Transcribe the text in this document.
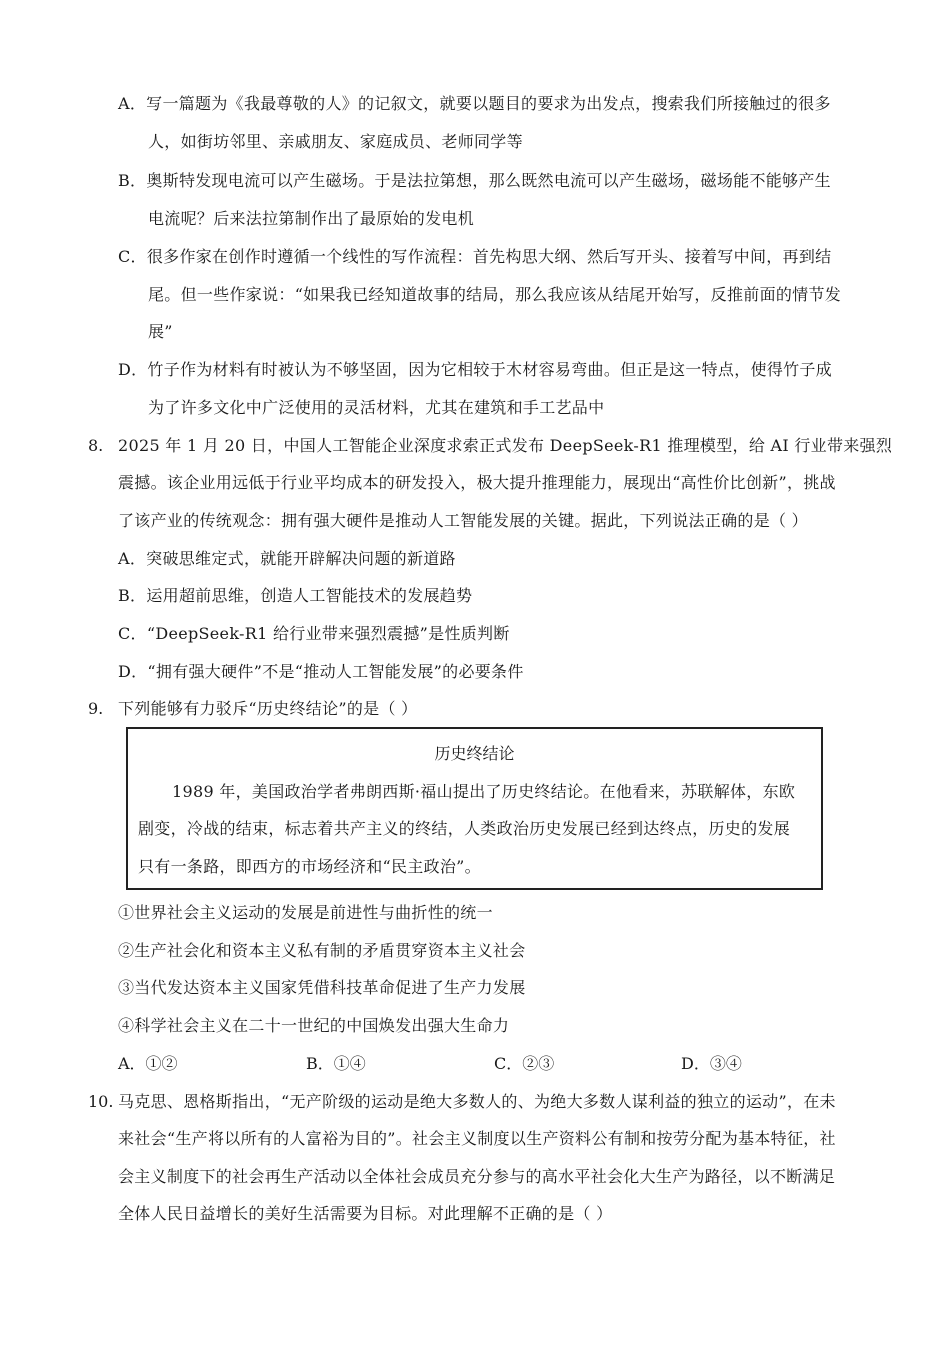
A．写一篇题为《我最尊敬的人》的记叙文，就要以题目的要求为出发点，搜索我们所接触过的很多
人，如街坊邻里、亲戚朋友、家庭成员、老师同学等
B．奥斯特发现电流可以产生磁场。于是法拉第想，那么既然电流可以产生磁场，磁场能不能够产生
电流呢？后来法拉第制作出了最原始的发电机
C．很多作家在创作时遵循一个线性的写作流程：首先构思大纲、然后写开头、接着写中间，再到结
尾。但一些作家说：“如果我已经知道故事的结局，那么我应该从结尾开始写，反推前面的情节发
展”
D．竹子作为材料有时被认为不够坚固，因为它相较于木材容易弯曲。但正是这一特点，使得竹子成
为了许多文化中广泛使用的灵活材料，尤其在建筑和手工艺品中
8. 2025 年 1 月 20 日，中国人工智能企业深度求索正式发布 DeepSeek-R1 推理模型，给 AI 行业带来强烈
震撼。该企业用远低于行业平均成本的研发投入，极大提升推理能力，展现出“高性价比创新”，挑战
了该产业的传统观念：拥有强大硬件是推动人工智能发展的关键。据此，下列说法正确的是（ ）
A．突破思维定式，就能开辟解决问题的新道路
B．运用超前思维，创造人工智能技术的发展趋势
C．“DeepSeek-R1 给行业带来强烈震撼”是性质判断
D．“拥有强大硬件”不是“推动人工智能发展”的必要条件
9. 下列能够有力驳斥“历史终结论”的是（ ）
历史终结论
1989 年，美国政治学者弗朗西斯·福山提出了历史终结论。在他看来，苏联解体，东欧
剧变，冷战的结束，标志着共产主义的终结，人类政治历史发展已经到达终点，历史的发展
只有一条路，即西方的市场经济和“民主政治”。
①世界社会主义运动的发展是前进性与曲折性的统一
②生产社会化和资本主义私有制的矛盾贯穿资本主义社会
③当代发达资本主义国家凭借科技革命促进了生产力发展
④科学社会主义在二十一世纪的中国焕发出强大生命力
A．①②	B．①④	C．②③	D．③④
10. 马克思、恩格斯指出，“无产阶级的运动是绝大多数人的、为绝大多数人谋利益的独立的运动”，在未
来社会“生产将以所有的人富裕为目的”。社会主义制度以生产资料公有制和按劳分配为基本特征，社
会主义制度下的社会再生产活动以全体社会成员充分参与的高水平社会化大生产为路径，以不断满足
全体人民日益增长的美好生活需要为目标。对此理解不正确的是（ ）
